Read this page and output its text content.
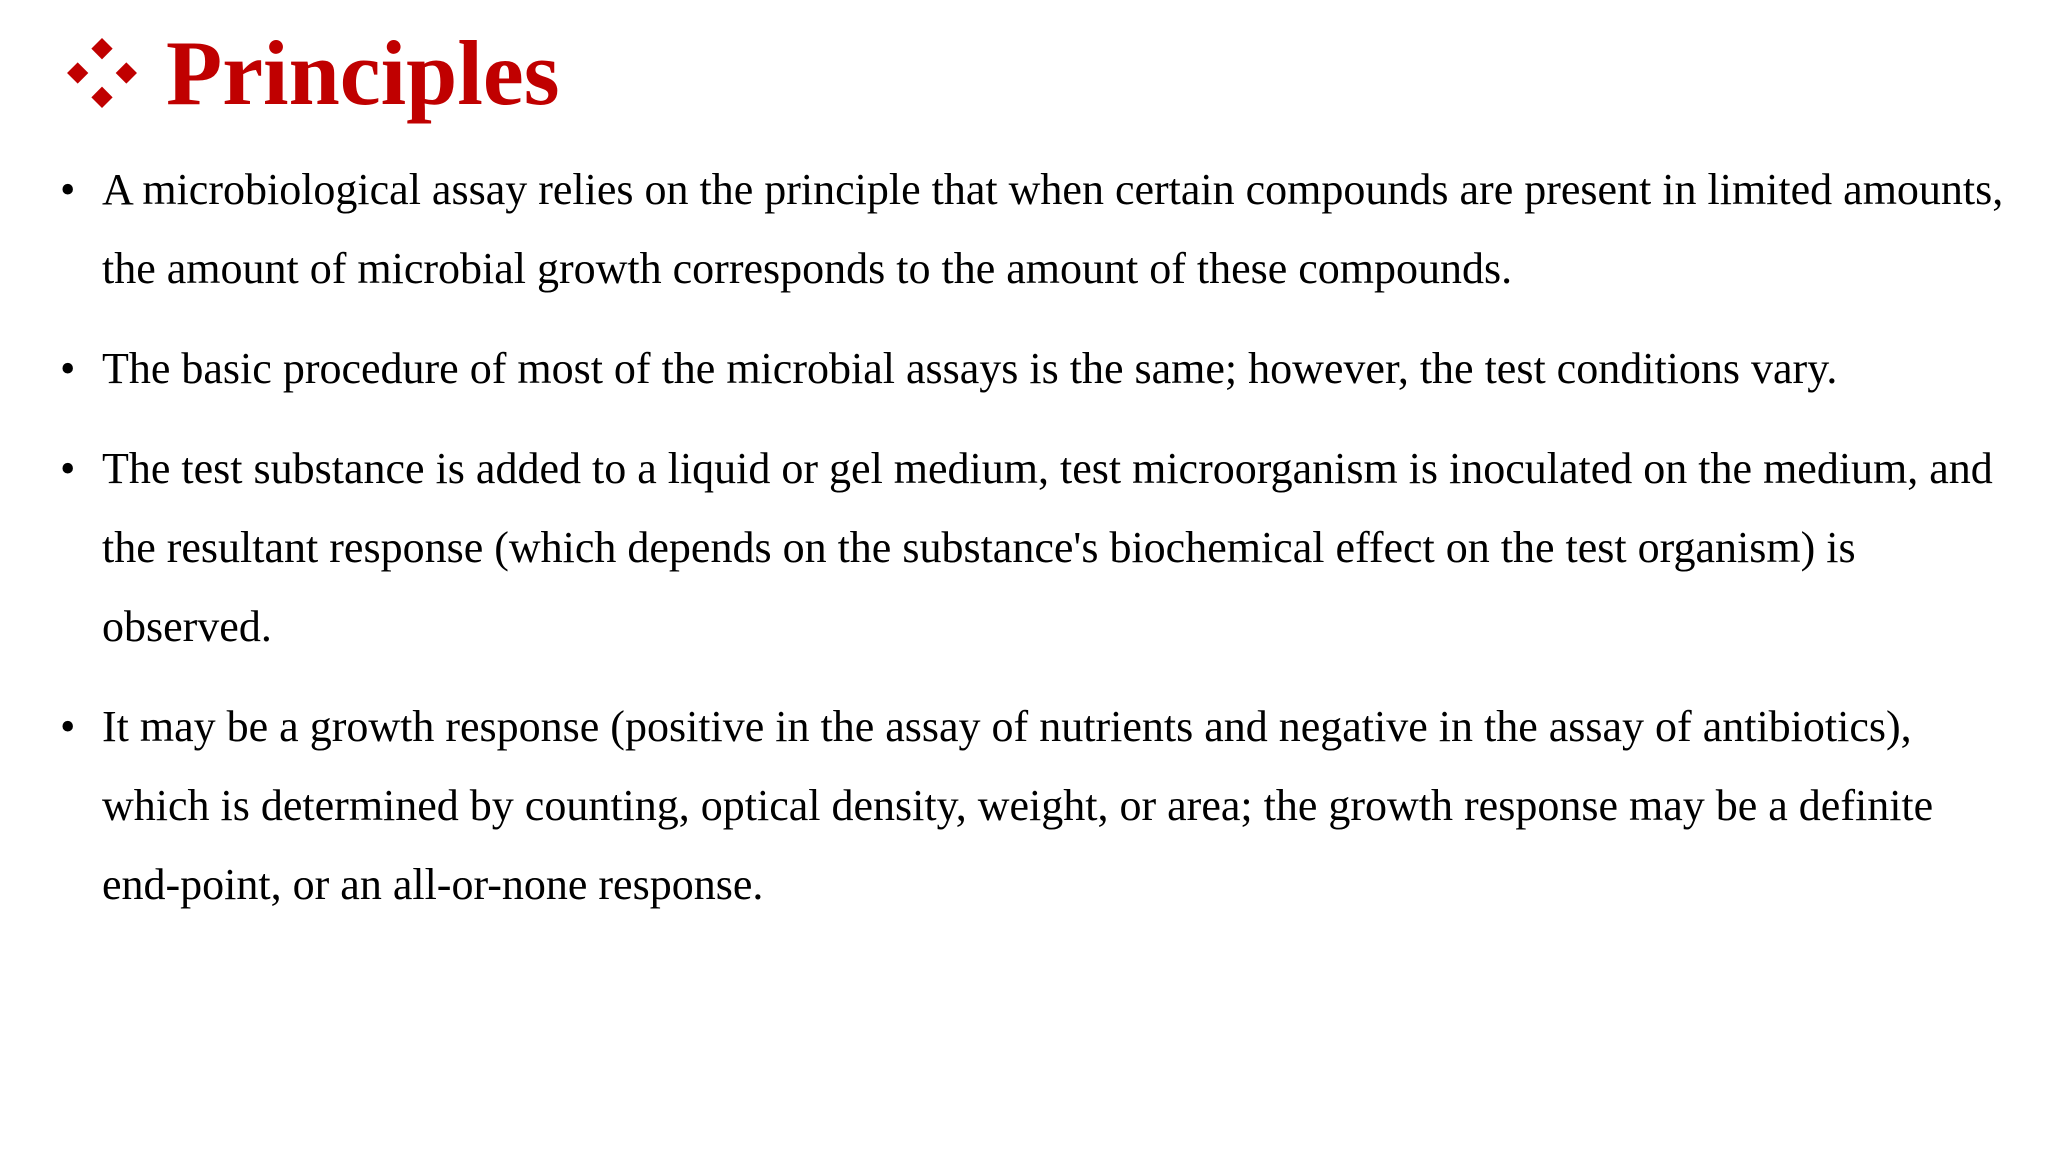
Principles
• A microbiological assay relies on the principle that when certain compounds are present in limited amounts, the amount of microbial growth corresponds to the amount of these compounds.
• The basic procedure of most of the microbial assays is the same; however, the test conditions vary.
• The test substance is added to a liquid or gel medium, test microorganism is inoculated on the medium, and the resultant response (which depends on the substance's biochemical effect on the test organism) is observed.
• It may be a growth response (positive in the assay of nutrients and negative in the assay of antibiotics), which is determined by counting, optical density, weight, or area; the growth response may be a definite end-point, or an all-or-none response.
